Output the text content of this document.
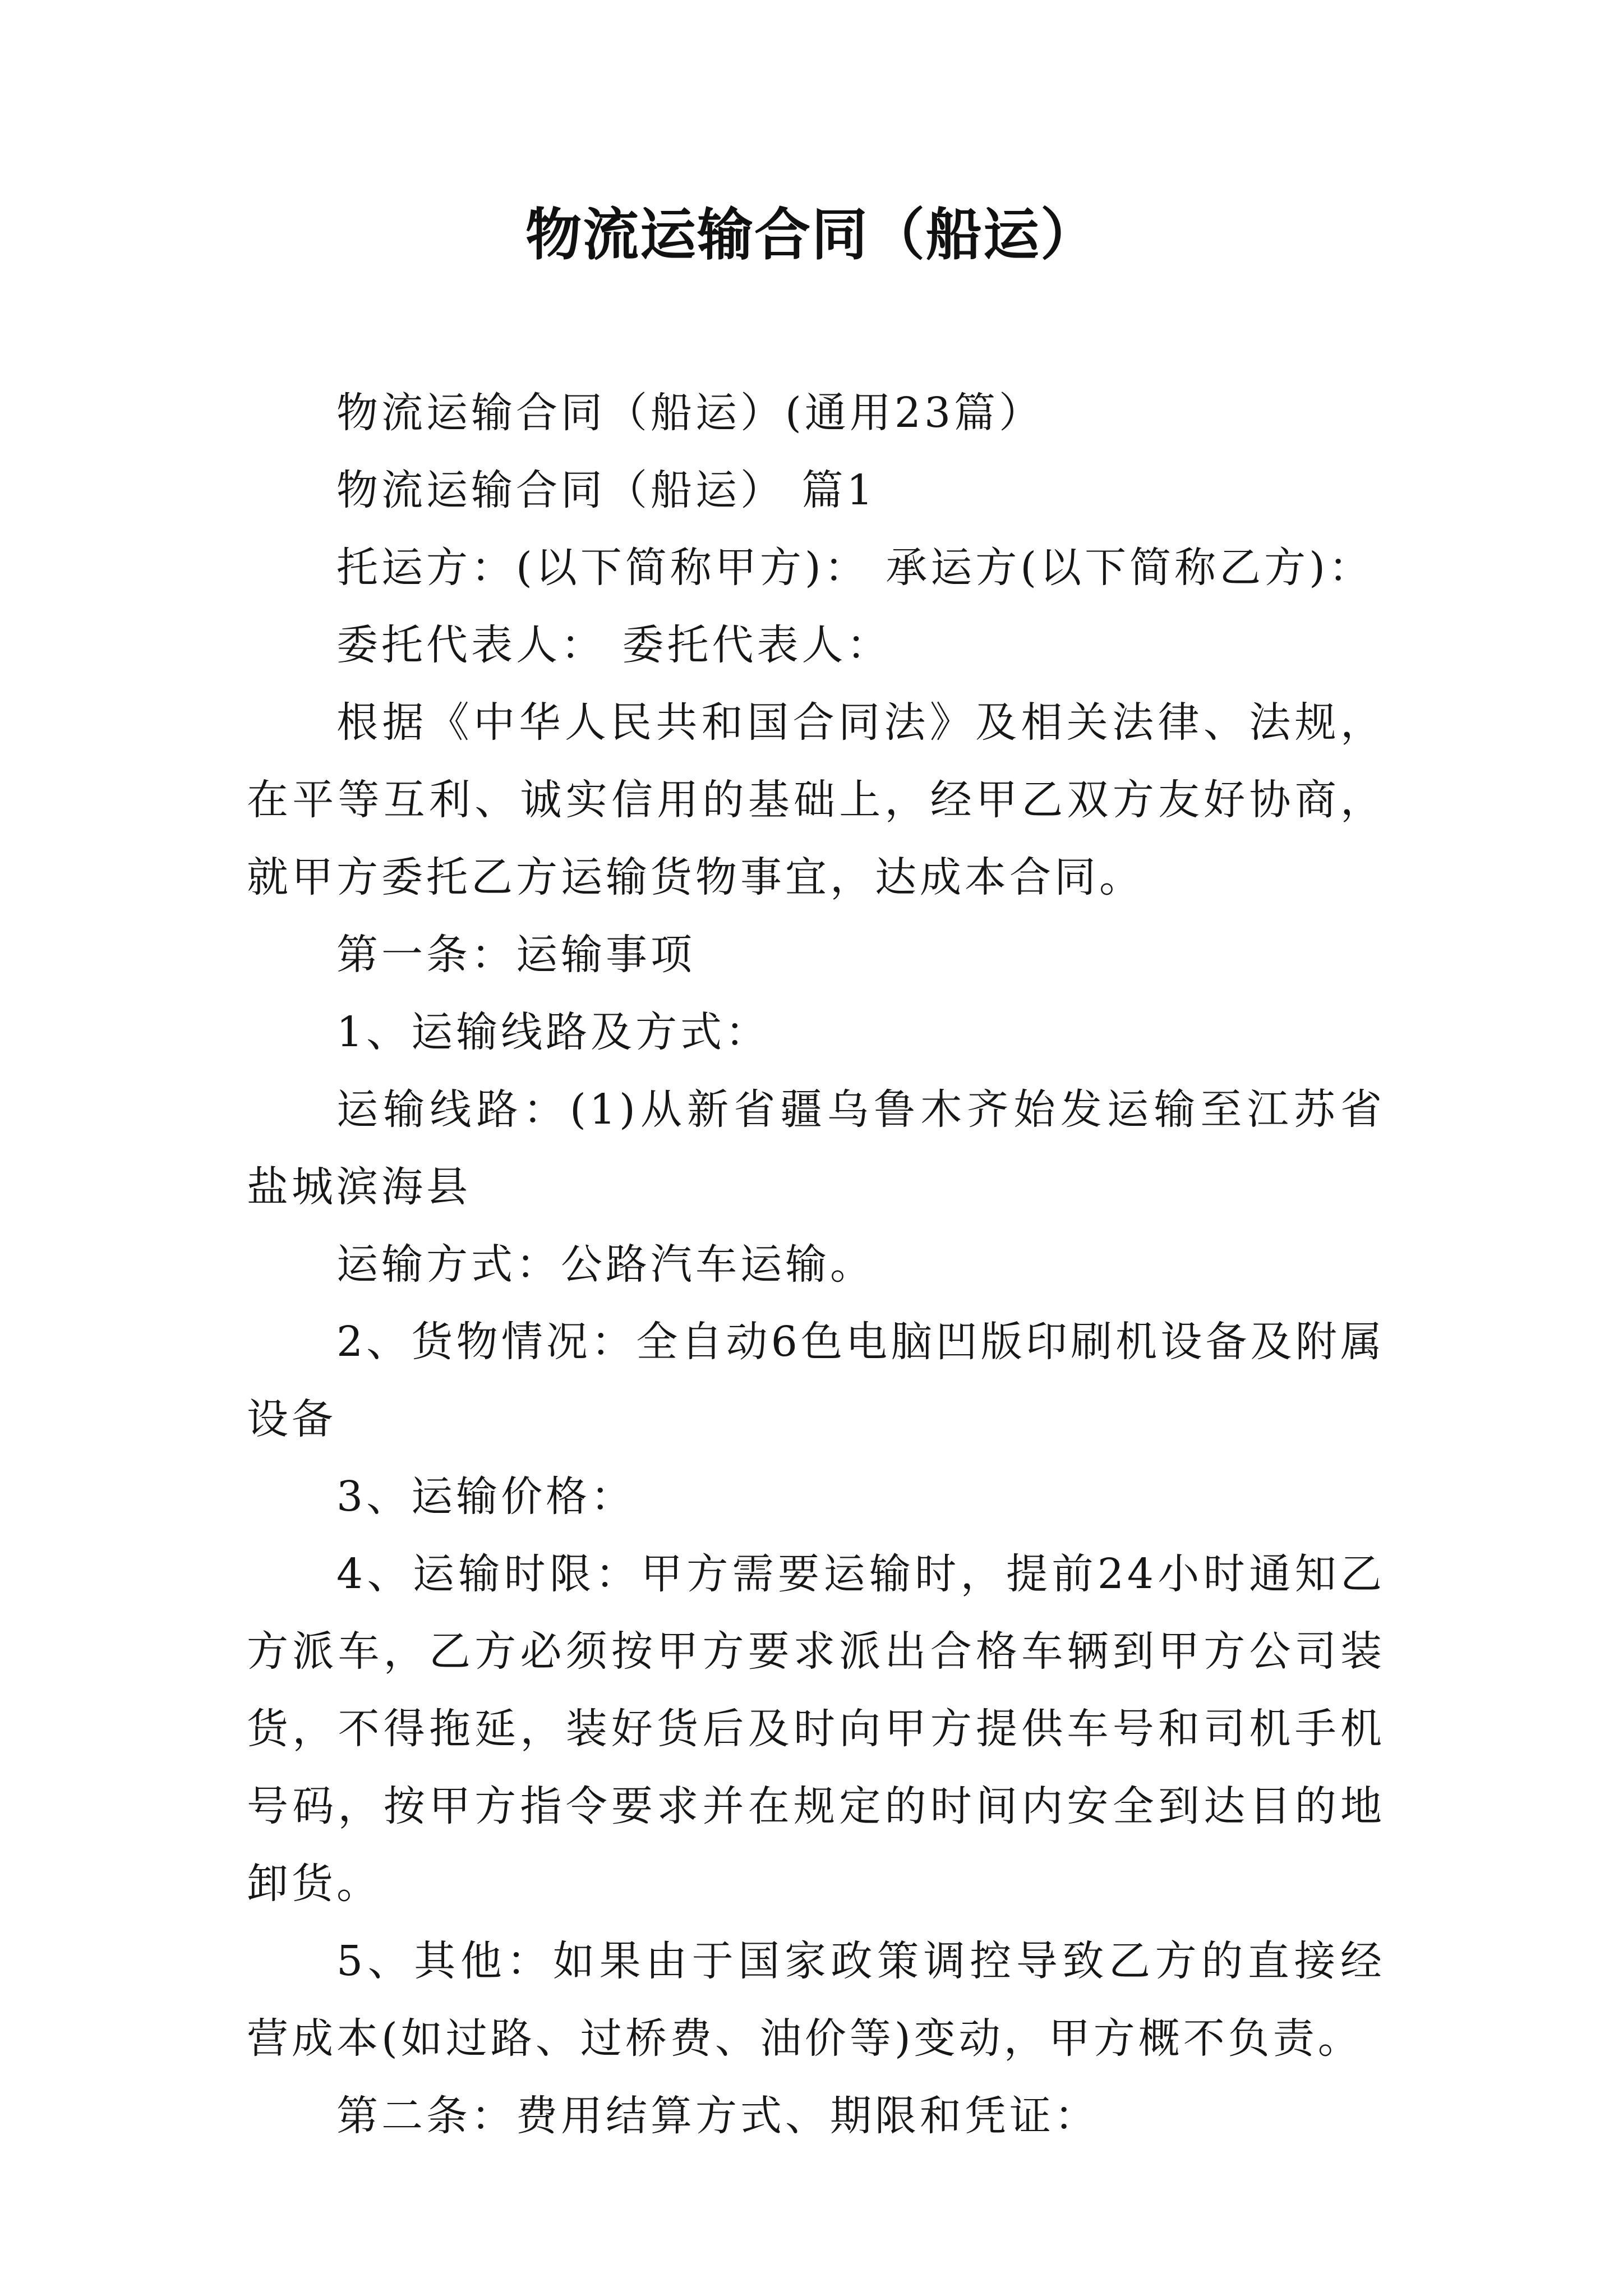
物流运输合同（船运）

物流运输合同（船运）(通用23篇）

物流运输合同（船运） 篇1

托运方：(以下简称甲方)： 承运方(以下简称乙方)：

委托代表人： 委托代表人：

根据《中华人民共和国合同法》及相关法律、法规，在平等互利、诚实信用的基础上，经甲乙双方友好协商，就甲方委托乙方运输货物事宜，达成本合同。

第一条：运输事项

1、运输线路及方式：

运输线路：(1)从新省疆乌鲁木齐始发运输至江苏省盐城滨海县

运输方式：公路汽车运输。

2、货物情况：全自动6色电脑凹版印刷机设备及附属设备

3、运输价格：

4、运输时限：甲方需要运输时，提前24小时通知乙方派车，乙方必须按甲方要求派出合格车辆到甲方公司装货，不得拖延，装好货后及时向甲方提供车号和司机手机号码，按甲方指令要求并在规定的时间内安全到达目的地卸货。

5、其他：如果由于国家政策调控导致乙方的直接经营成本(如过路、过桥费、油价等)变动，甲方概不负责。

第二条：费用结算方式、期限和凭证：
